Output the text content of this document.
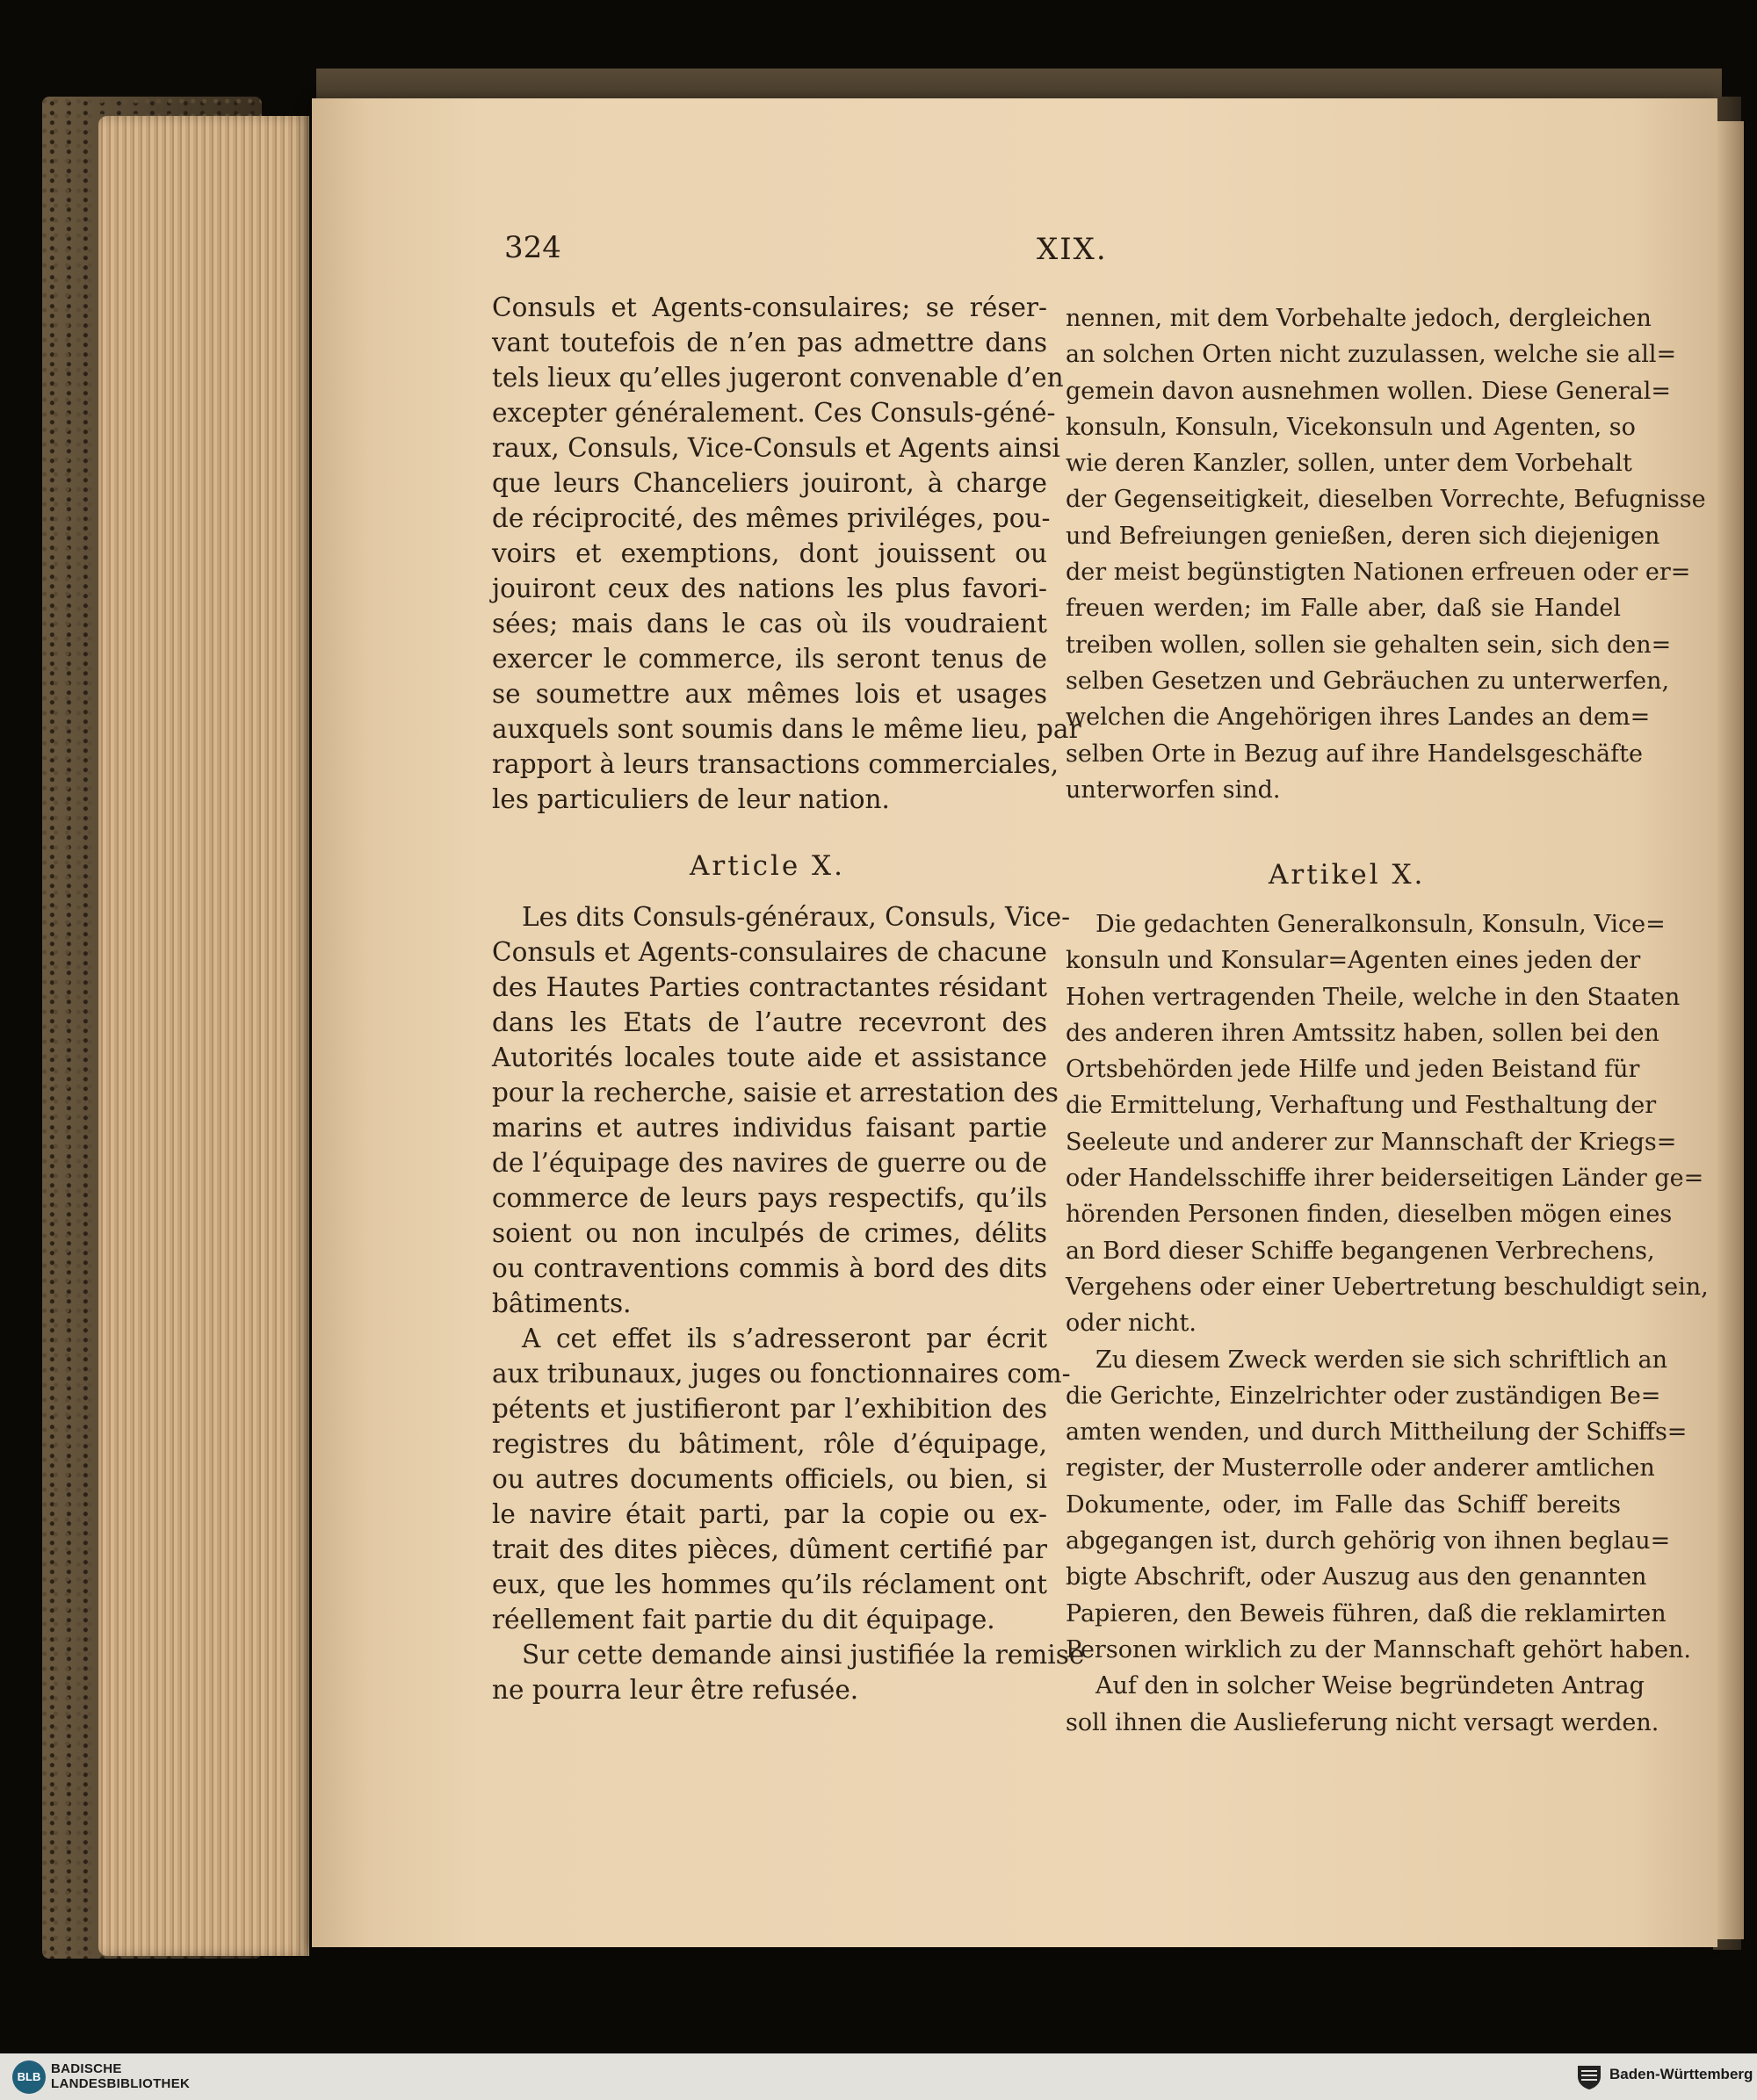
324	XIX.
Consuls et Agents-consulaires; se réser-
vant toutefois de n’en pas admettre dans
tels lieux qu’elles jugeront convenable d’en
excepter généralement. Ces Consuls-géné-
raux, Consuls, Vice-Consuls et Agents ainsi
que leurs Chanceliers jouiront, à charge
de réciprocité, des mêmes priviléges, pou-
voirs et exemptions, dont jouissent ou
jouiront ceux des nations les plus favori-
sées; mais dans le cas où ils voudraient
exercer le commerce, ils seront tenus de
se soumettre aux mêmes lois et usages
auxquels sont soumis dans le même lieu, par
rapport à leurs transactions commerciales,
les particuliers de leur nation.
Article X.
Les dits Consuls-généraux, Consuls, Vice-
Consuls et Agents-consulaires de chacune
des Hautes Parties contractantes résidant
dans les Etats de l’autre recevront des
Autorités locales toute aide et assistance
pour la recherche, saisie et arrestation des
marins et autres individus faisant partie
de l’équipage des navires de guerre ou de
commerce de leurs pays respectifs, qu’ils
soient ou non inculpés de crimes, délits
ou contraventions commis à bord des dits
bâtiments.
A cet effet ils s’adresseront par écrit
aux tribunaux, juges ou fonctionnaires com-
pétents et justifieront par l’exhibition des
registres du bâtiment, rôle d’équipage,
ou autres documents officiels, ou bien, si
le navire était parti, par la copie ou ex-
trait des dites pièces, dûment certifié par
eux, que les hommes qu’ils réclament ont
réellement fait partie du dit équipage.
Sur cette demande ainsi justifiée la remise
ne pourra leur être refusée.
nennen, mit dem Vorbehalte jedoch, dergleichen
an solchen Orten nicht zuzulassen, welche sie all=
gemein davon ausnehmen wollen. Diese General=
konsuln, Konsuln, Vicekonsuln und Agenten, so
wie deren Kanzler, sollen, unter dem Vorbehalt
der Gegenseitigkeit, dieselben Vorrechte, Befugnisse
und Befreiungen genießen, deren sich diejenigen
der meist begünstigten Nationen erfreuen oder er=
freuen werden; im Falle aber, daß sie Handel
treiben wollen, sollen sie gehalten sein, sich den=
selben Gesetzen und Gebräuchen zu unterwerfen,
welchen die Angehörigen ihres Landes an dem=
selben Orte in Bezug auf ihre Handelsgeschäfte
unterworfen sind.
Artikel X.
Die gedachten Generalkonsuln, Konsuln, Vice=
konsuln und Konsular=Agenten eines jeden der
Hohen vertragenden Theile, welche in den Staaten
des anderen ihren Amtssitz haben, sollen bei den
Ortsbehörden jede Hilfe und jeden Beistand für
die Ermittelung, Verhaftung und Festhaltung der
Seeleute und anderer zur Mannschaft der Kriegs=
oder Handelsschiffe ihrer beiderseitigen Länder ge=
hörenden Personen finden, dieselben mögen eines
an Bord dieser Schiffe begangenen Verbrechens,
Vergehens oder einer Uebertretung beschuldigt sein,
oder nicht.
Zu diesem Zweck werden sie sich schriftlich an
die Gerichte, Einzelrichter oder zuständigen Be=
amten wenden, und durch Mittheilung der Schiffs=
register, der Musterrolle oder anderer amtlichen
Dokumente, oder, im Falle das Schiff bereits
abgegangen ist, durch gehörig von ihnen beglau=
bigte Abschrift, oder Auszug aus den genannten
Papieren, den Beweis führen, daß die reklamirten
Personen wirklich zu der Mannschaft gehört haben.
Auf den in solcher Weise begründeten Antrag
soll ihnen die Auslieferung nicht versagt werden.
BLB
BADISCHE
LANDESBIBLIOTHEK
Baden-Württemberg
